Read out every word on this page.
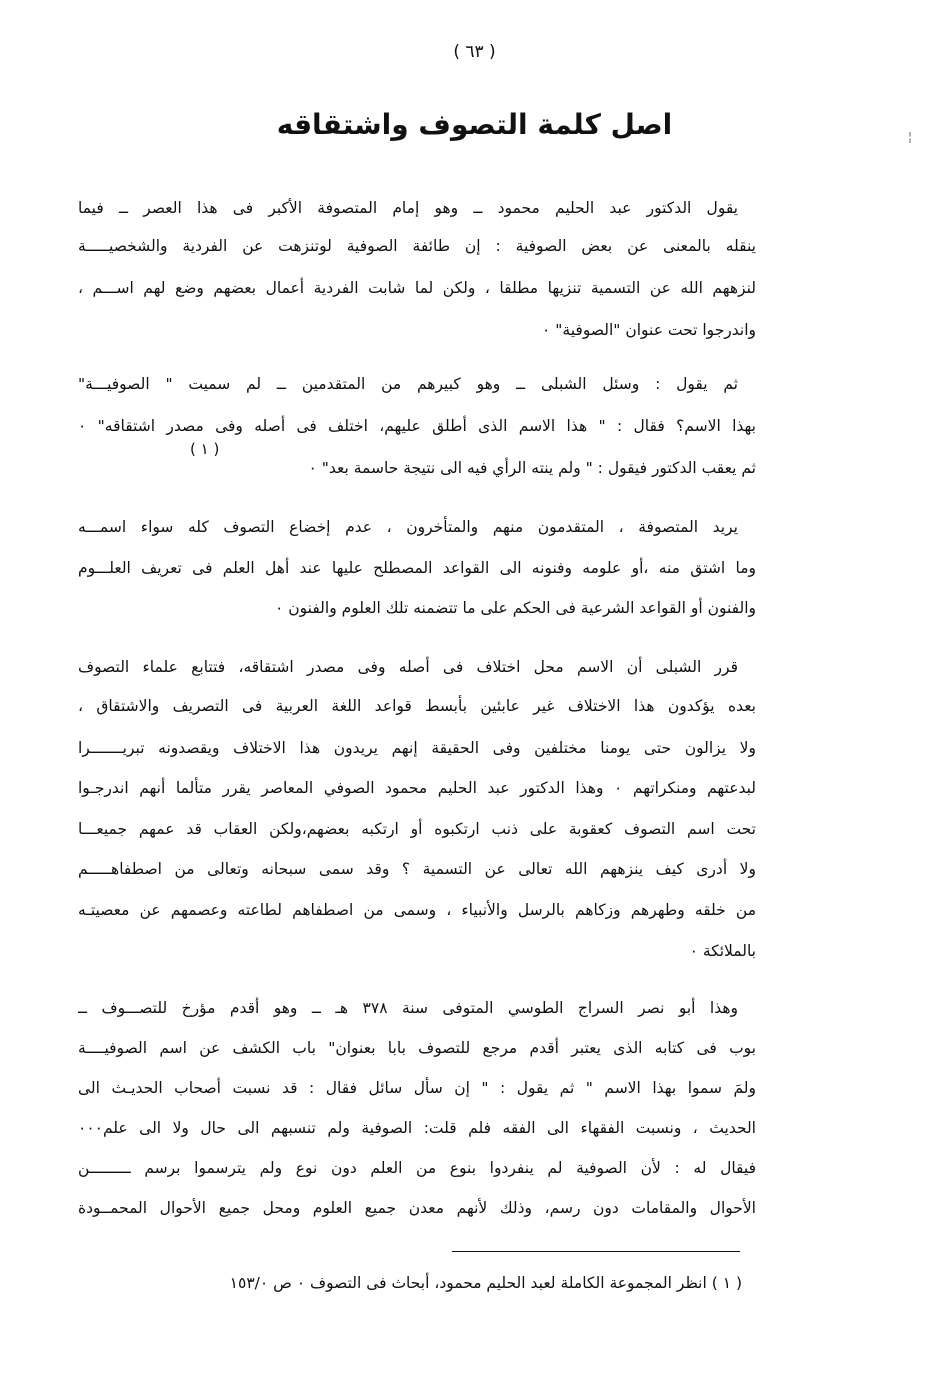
( ٦٣ )
¦
اصل كلمة التصوف واشتقاقه
يقول الدكتور عبد الحليم محمود ــ وهو إمام المتصوفة الأكبر فى هذا العصر ــ فيما
ينقله بالمعنى عن بعض الصوفية : إن طائفة الصوفية لوتنزهت عن الفردية والشخصيـــــة
لنزههم الله عن التسمية تنزيها مطلقا ، ولكن لما شابت الفردية أعمال بعضهم وضع لهم اســـم ،
واندرجوا تحت عنوان "الصوفية" ٠
ثم يقول : وسئل الشبلى ــ وهو كبيرهم من المتقدمين ــ لم سميت " الصوفيـــة"
بهذا الاسم؟ فقال : " هذا الاسم الذى أطلق عليهم، اختلف فى أصله وفى مصدر اشتقاقه" ٠
ثم يعقب الدكتور فيقول : " ولم ينته الرأي فيه الى نتيجة حاسمة بعد" ٠
يريد المتصوفة ، المتقدمون منهم والمتأخرون ، عدم إخضاع التصوف كله سواء اسمـــه
وما اشتق منه ،أو علومه وفنونه الى القواعد المصطلح عليها عند أهل العلم فى تعريف العلـــوم
والفنون أو القواعد الشرعية فى الحكم على ما تتضمنه تلك العلوم والفنون ٠
قرر الشبلى أن الاسم محل اختلاف فى أصله وفى مصدر اشتقاقه، فتتابع علماء التصوف
بعده يؤكدون هذا الاختلاف غير عابئين بأبسط قواعد اللغة العربية فى التصريف والاشتقاق ،
ولا يزالون حتى يومنا مختلفين وفى الحقيقة إنهم يريدون هذا الاختلاف ويقصدونه تبريـــــــرا
لبدعتهم ومنكراتهم ٠ وهذا الدكتور عبد الحليم محمود الصوفي المعاصر يقرر متألما أنهم اندرجـوا
تحت اسم التصوف كعقوبة على ذنب ارتكبوه أو ارتكبه بعضهم،ولكن العقاب قد عمهم جميعـــا
ولا أدرى كيف ينزههم الله تعالى عن التسمية ؟ وقد سمى سبحانه وتعالى من اصطفاهـــــم
من خلقه وطهرهم وزكاهم بالرسل والأنبياء ، وسمى من اصطفاهم لطاعته وعصمهم عن معصيتـه
بالملائكة ٠
وهذا أبو نصر السراج الطوسي المتوفى سنة ٣٧٨ هـ ــ وهو أقدم مؤرخ للتصـــوف ــ
بوب فى كتابه الذى يعتبر أقدم مرجع للتصوف بابا بعنوان" باب الكشف عن اسم الصوفيــــة
ولمَ سموا بهذا الاسم " ثم يقول : " إن سأل سائل فقال : قد نسبت أصحاب الحديـث الى
الحديث ، ونسبت الفقهاء الى الفقه فلم قلت: الصوفية ولم تنسبهم الى حال ولا الى علم٠٠٠
فيقال له : لأن الصوفية لم ينفردوا بنوع من العلم دون نوع ولم يترسموا برسم ـــــــــن
الأحوال والمقامات دون رسم، وذلك لأنهم معدن جميع العلوم ومحل جميع الأحوال المحمــودة
( ١ )
( ١ ) انظر المجموعة الكاملة لعبد الحليم محمود، أبحاث فى التصوف ٠ ص ١٥٣/٠
